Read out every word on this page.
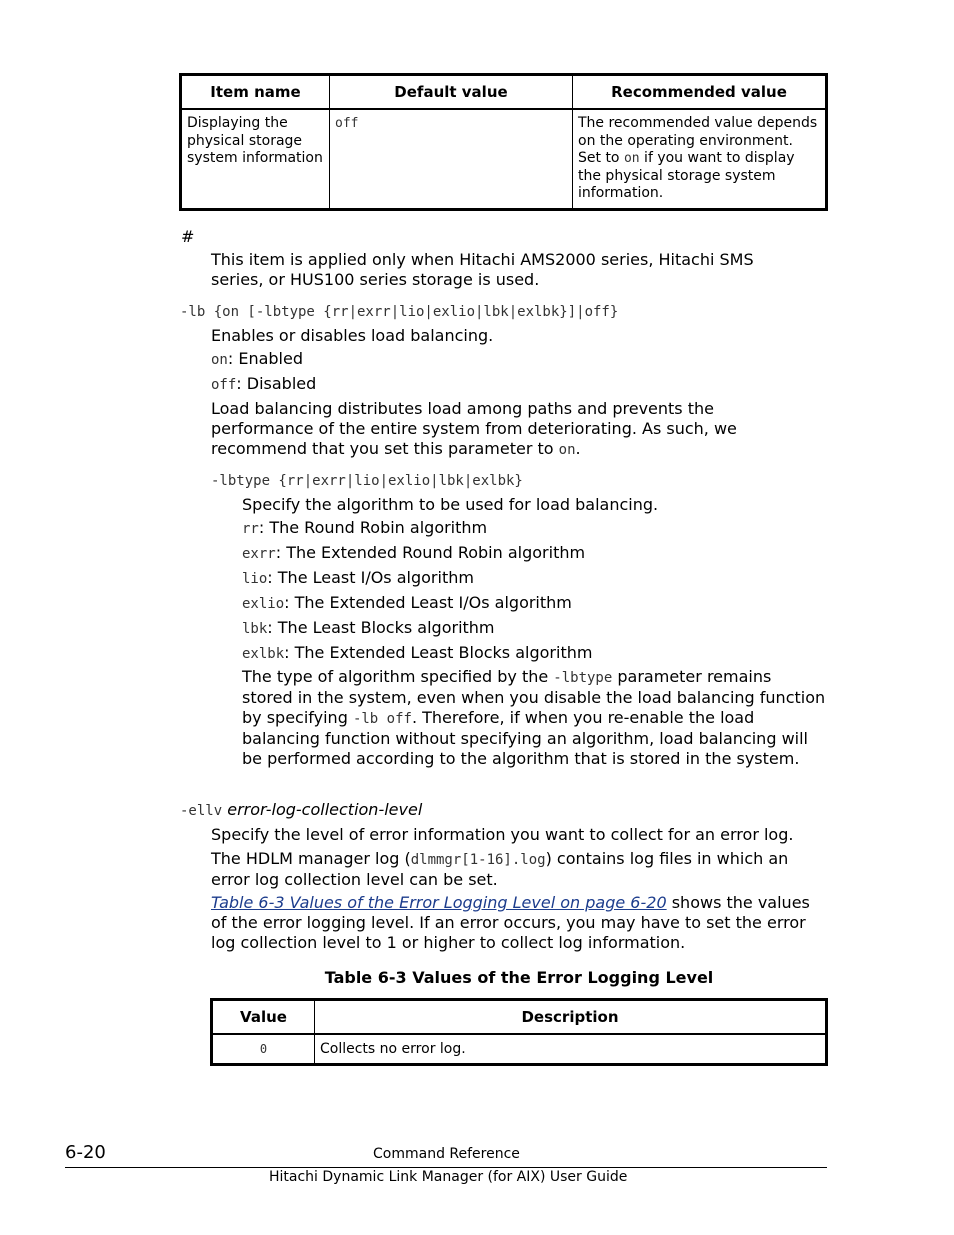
Item name	Default value	Recommended value
Displaying the physical storage system information	off	The recommended value depends on the operating environment. Set to on if you want to display the physical storage system information.
#

This item is applied only when Hitachi AMS2000 series, Hitachi SMS series, or HUS100 series storage is used.

-lb {on [-lbtype {rr|exrr|lio|exlio|lbk|exlbk}]|off}

Enables or disables load balancing.

on: Enabled

off: Disabled

Load balancing distributes load among paths and prevents the performance of the entire system from deteriorating. As such, we recommend that you set this parameter to on.

-lbtype {rr|exrr|lio|exlio|lbk|exlbk}

Specify the algorithm to be used for load balancing.

rr: The Round Robin algorithm

exrr: The Extended Round Robin algorithm

lio: The Least I/Os algorithm

exlio: The Extended Least I/Os algorithm

lbk: The Least Blocks algorithm

exlbk: The Extended Least Blocks algorithm

The type of algorithm specified by the -lbtype parameter remains stored in the system, even when you disable the load balancing function by specifying -lb off. Therefore, if when you re-enable the load balancing function without specifying an algorithm, load balancing will be performed according to the algorithm that is stored in the system.

-ellv error-log-collection-level

Specify the level of error information you want to collect for an error log.

The HDLM manager log (dlmmgr[1-16].log) contains log files in which an error log collection level can be set.

Table 6-3 Values of the Error Logging Level on page 6-20 shows the values of the error logging level. If an error occurs, you may have to set the error log collection level to 1 or higher to collect log information.

Table 6-3 Values of the Error Logging Level
Value	Description
0	Collects no error log.
6-20	Command Reference
Hitachi Dynamic Link Manager (for AIX) User Guide
